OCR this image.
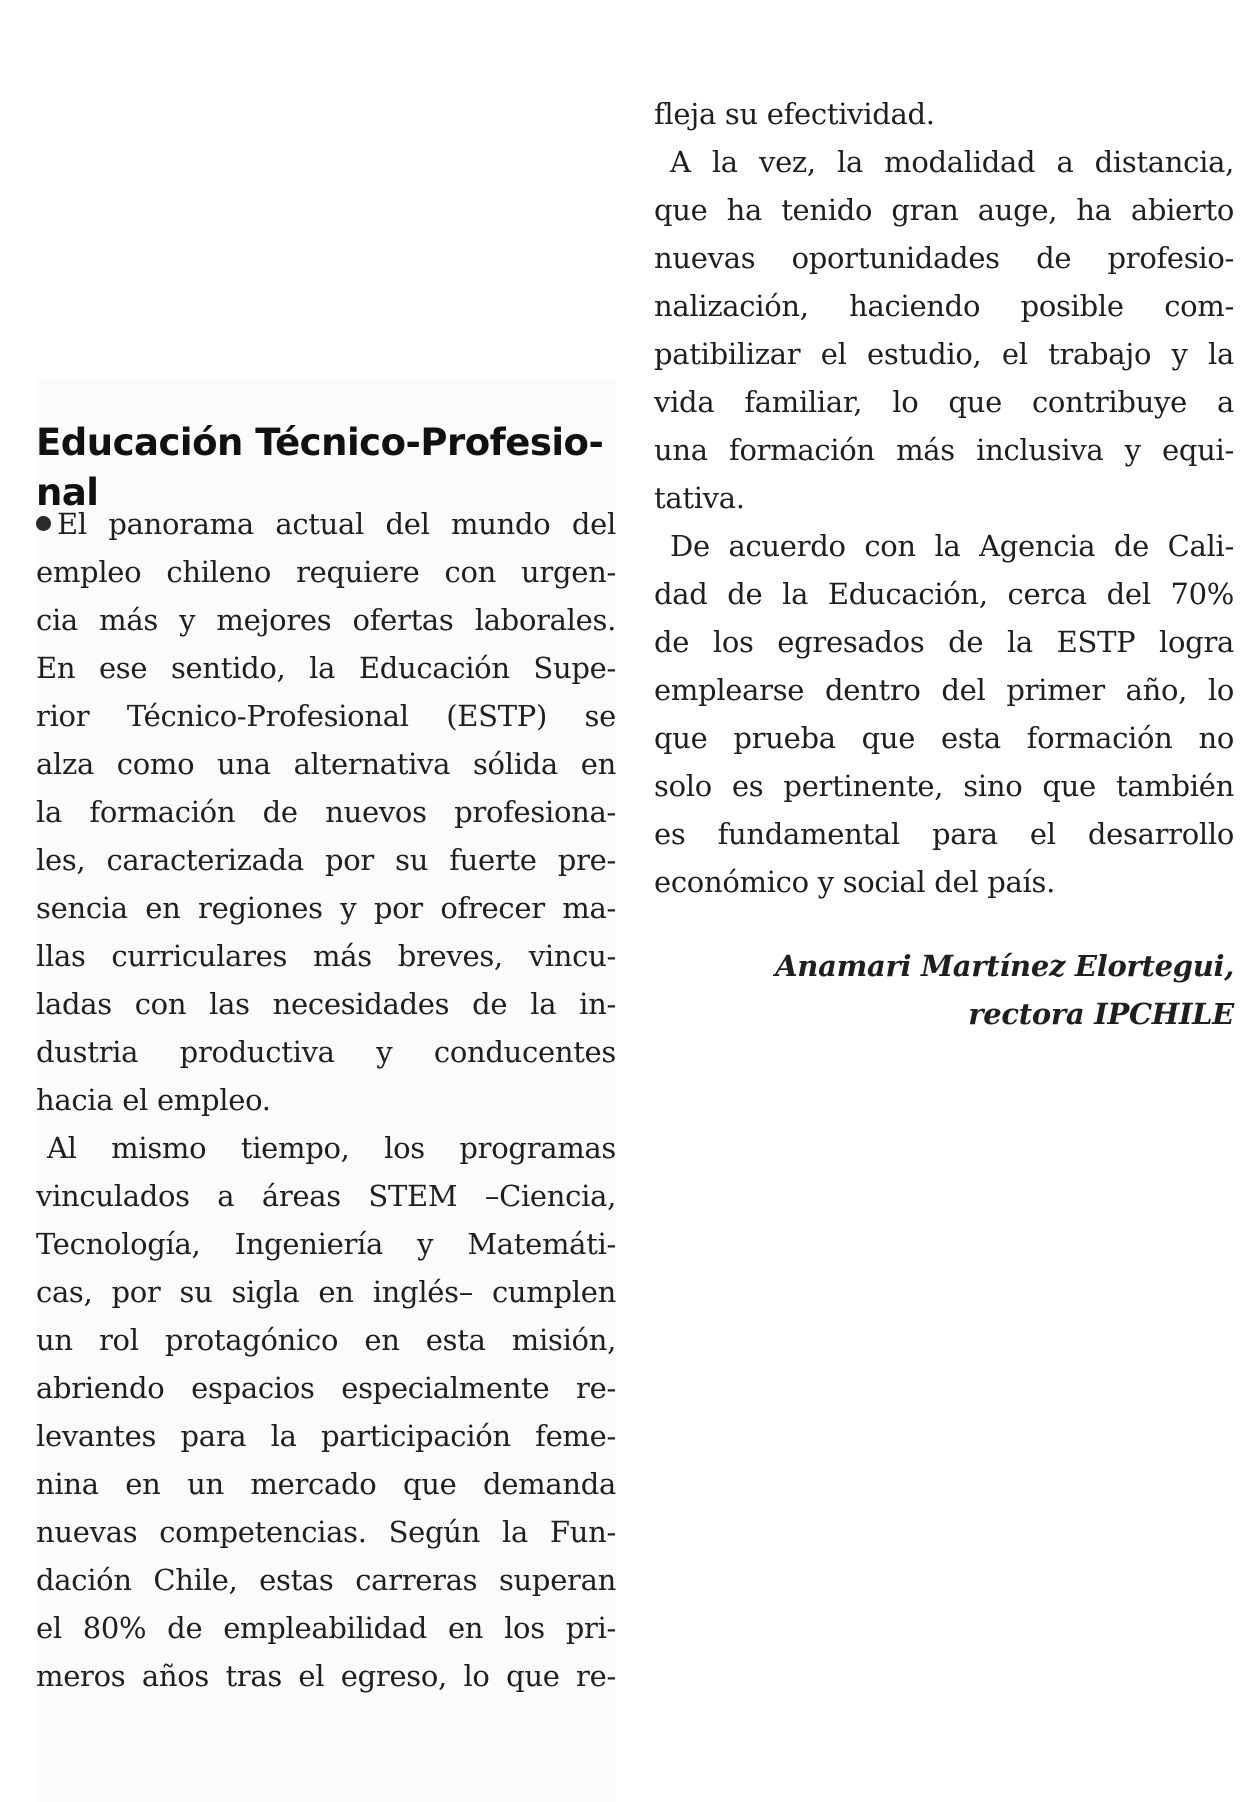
Educación Técnico-Profesio-
nal
El panorama actual del mundo del
empleo chileno requiere con urgen-
cia más y mejores ofertas laborales.
En ese sentido, la Educación Supe-
rior Técnico-Profesional (ESTP) se
alza como una alternativa sólida en
la formación de nuevos profesiona-
les, caracterizada por su fuerte pre-
sencia en regiones y por ofrecer ma-
llas curriculares más breves, vincu-
ladas con las necesidades de la in-
dustria productiva y conducentes
hacia el empleo.
Al mismo tiempo, los programas
vinculados a áreas STEM –Ciencia,
Tecnología, Ingeniería y Matemáti-
cas, por su sigla en inglés– cumplen
un rol protagónico en esta misión,
abriendo espacios especialmente re-
levantes para la participación feme-
nina en un mercado que demanda
nuevas competencias. Según la Fun-
dación Chile, estas carreras superan
el 80% de empleabilidad en los pri-
meros años tras el egreso, lo que re-
fleja su efectividad.
A la vez, la modalidad a distancia,
que ha tenido gran auge, ha abierto
nuevas oportunidades de profesio-
nalización, haciendo posible com-
patibilizar el estudio, el trabajo y la
vida familiar, lo que contribuye a
una formación más inclusiva y equi-
tativa.
De acuerdo con la Agencia de Cali-
dad de la Educación, cerca del 70%
de los egresados de la ESTP logra
emplearse dentro del primer año, lo
que prueba que esta formación no
solo es pertinente, sino que también
es fundamental para el desarrollo
económico y social del país.
Anamari Martínez Elortegui,
rectora IPCHILE
